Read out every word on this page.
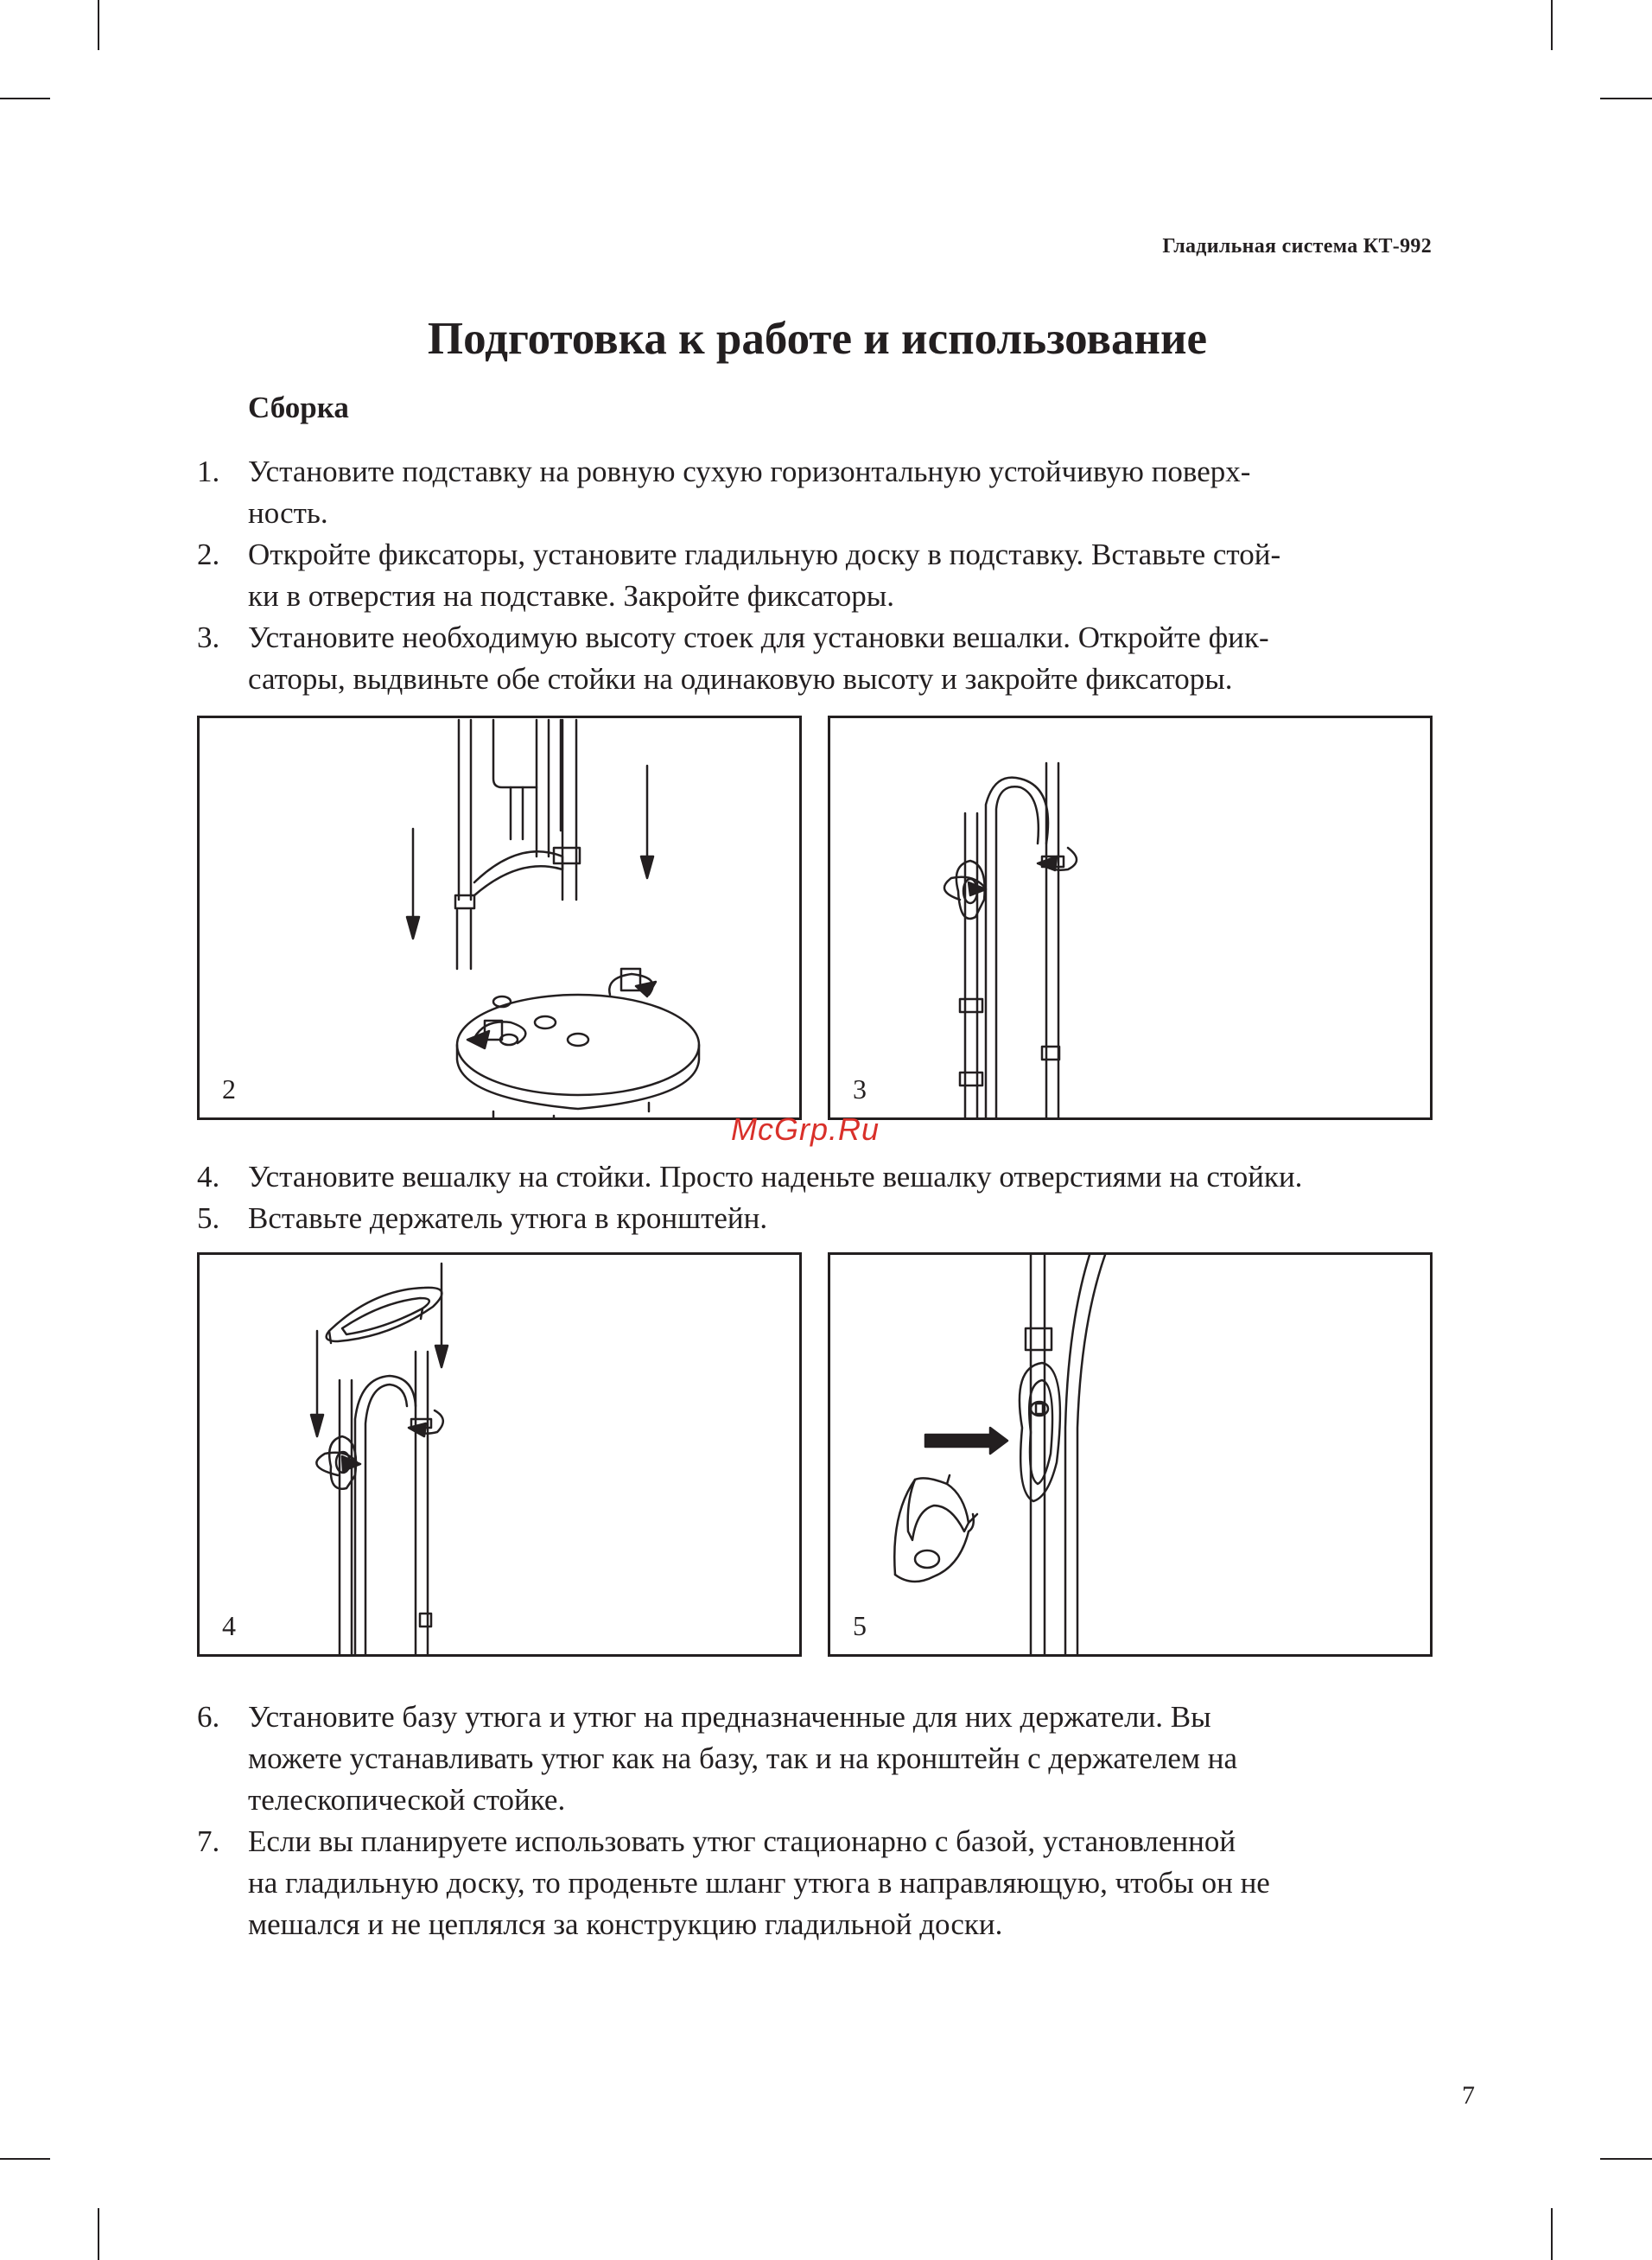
Гладильная система КТ-992
Подготовка к работе и использование
Сборка
1. Установите подставку на ровную сухую горизонтальную устойчивую поверх-
ность.
2. Откройте фиксаторы, установите гладильную доску в подставку. Вставьте стой-
ки в отверстия на подставке. Закройте фиксаторы.
3. Установите необходимую высоту стоек для установки вешалки. Откройте фик-
саторы, выдвиньте обе стойки на одинаковую высоту и закройте фиксаторы.
2	3
McGrp.Ru
4. Установите вешалку на стойки. Просто наденьте вешалку отверстиями на стойки.
5. Вставьте держатель утюга в кронштейн.
4	5
6. Установите базу утюга и утюг на предназначенные для них держатели. Вы
можете устанавливать утюг как на базу, так и на кронштейн с держателем на
телескопической стойке.
7. Если вы планируете использовать утюг стационарно с базой, установленной
на гладильную доску, то проденьте шланг утюга в направляющую, чтобы он не
мешался и не цеплялся за конструкцию гладильной доски.
7
